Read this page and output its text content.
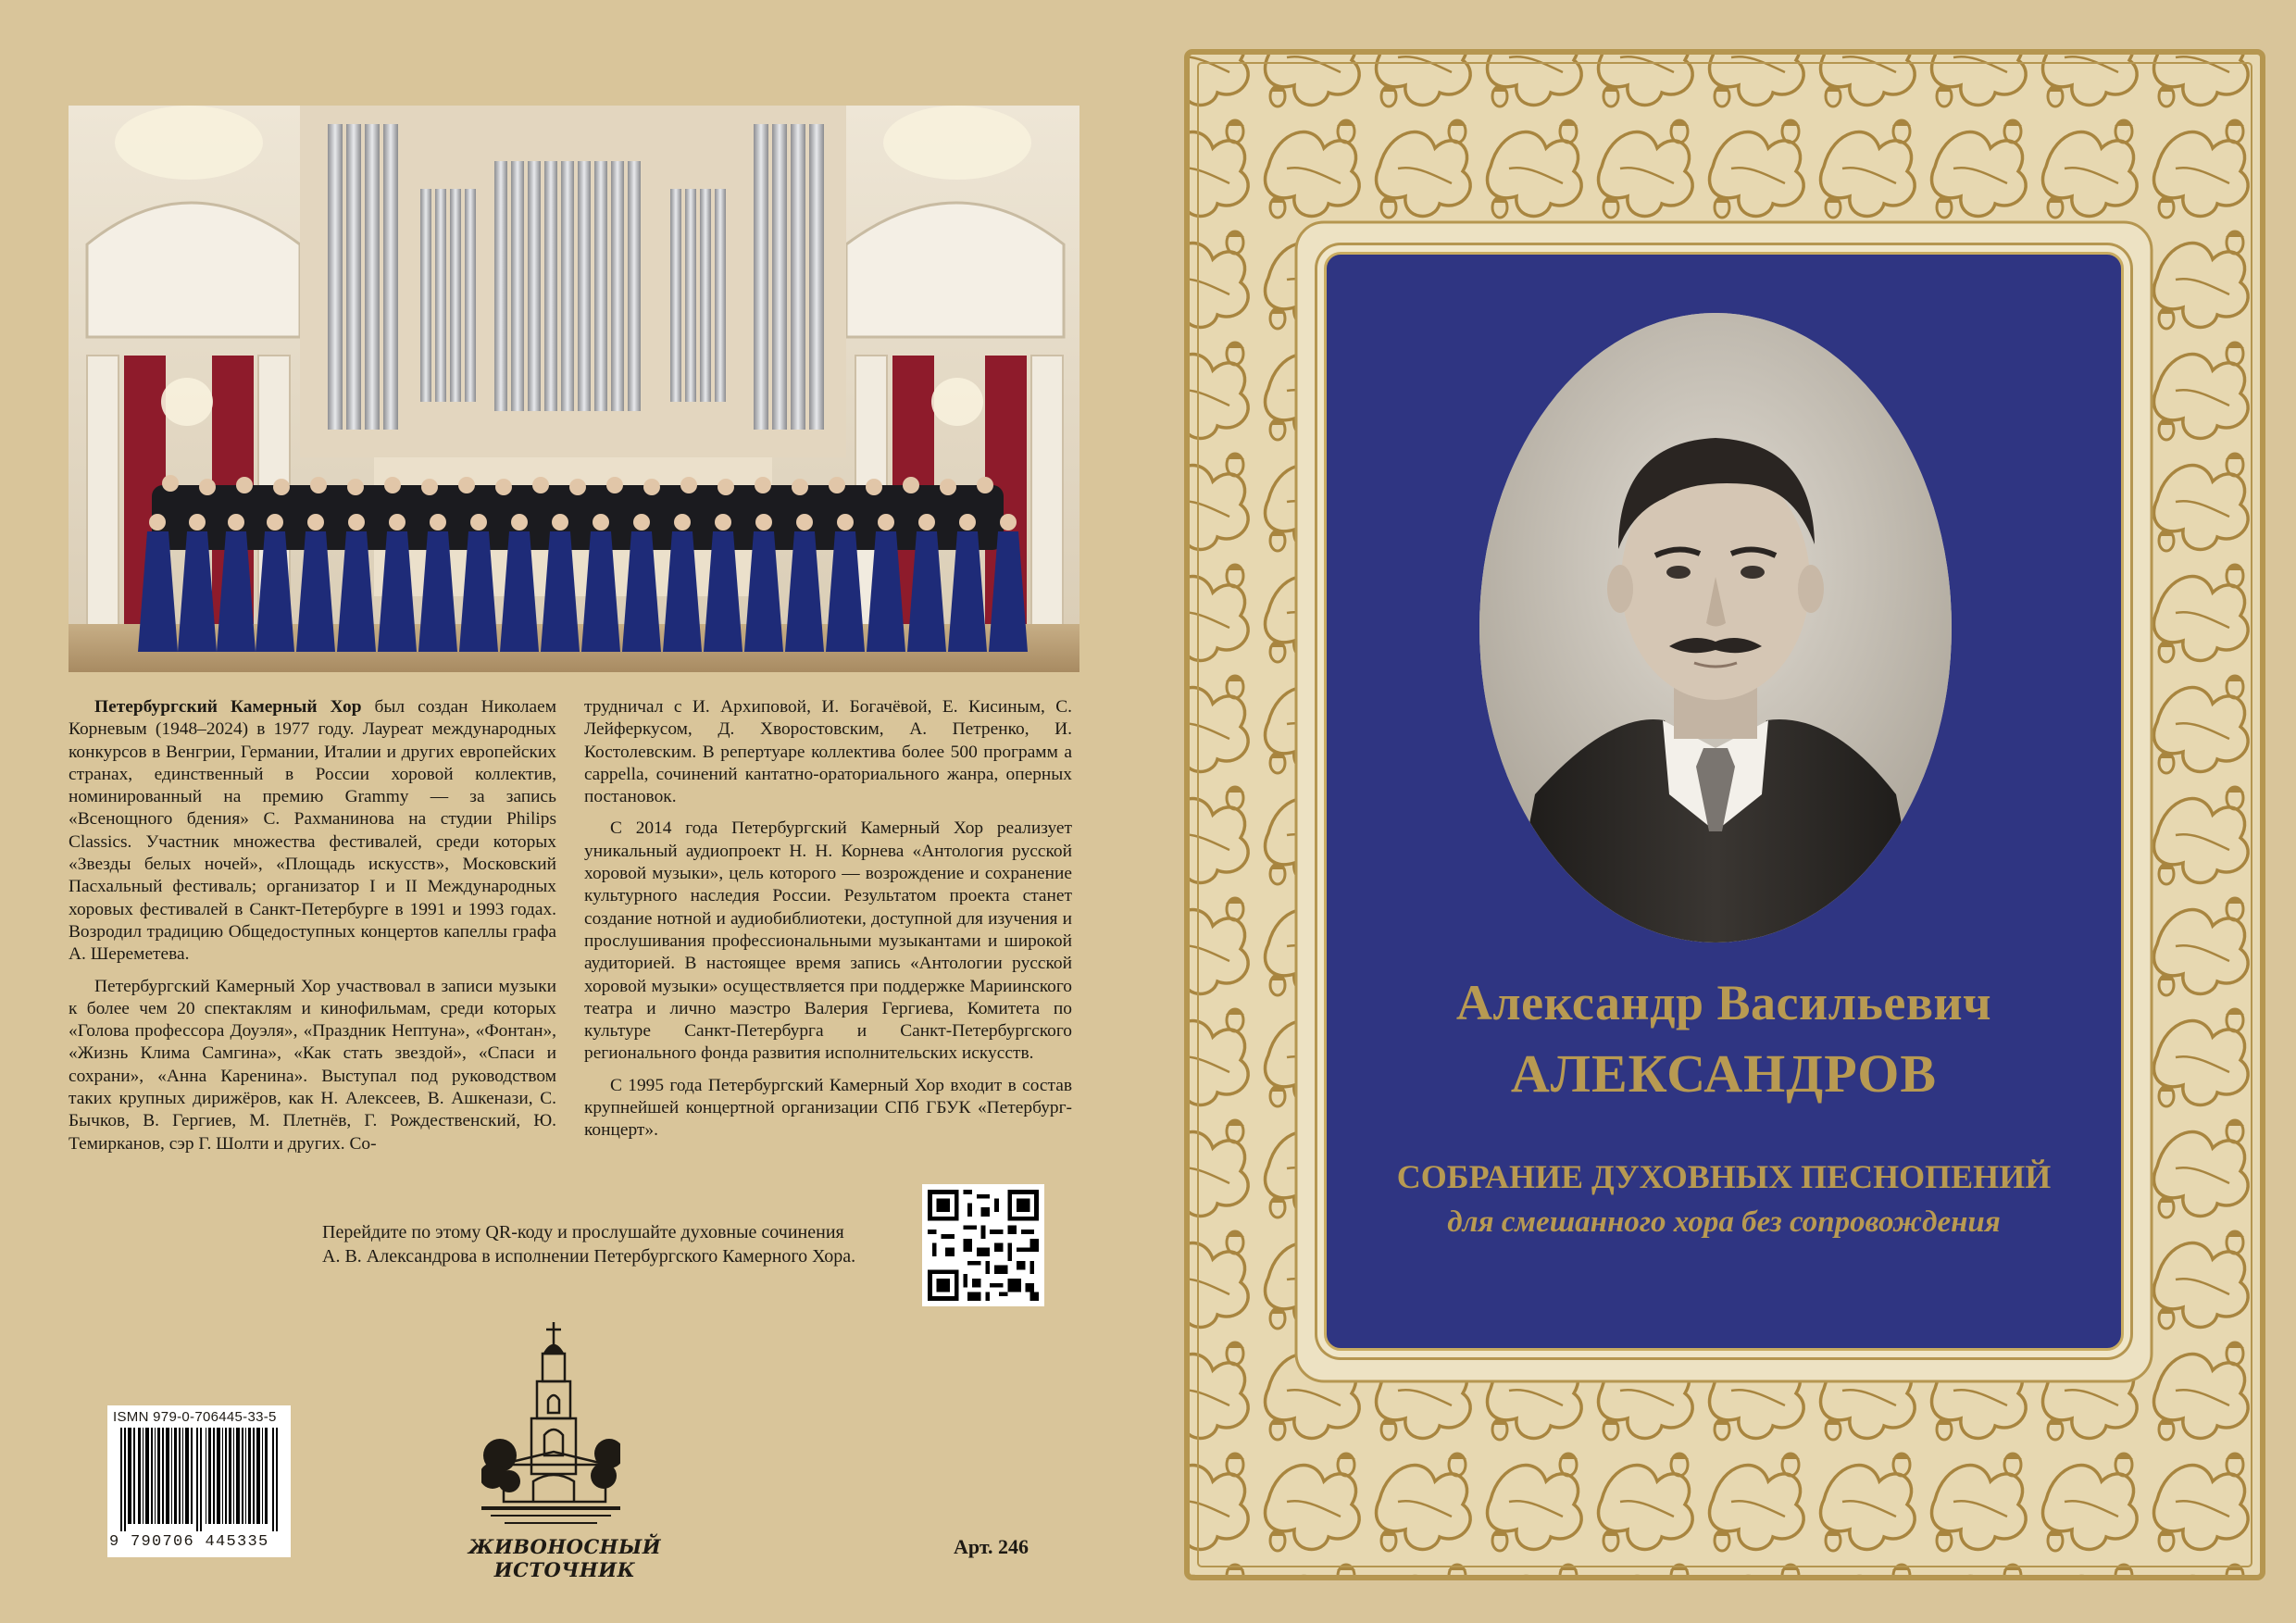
Петербургский Камерный Хор был создан Николаем Корневым (1948–2024) в 1977 году. Лауреат международных конкурсов в Венгрии, Германии, Италии и других европейских странах, единственный в России хоровой коллектив, номинированный на премию Grammy — за запись «Всенощного бдения» С. Рахманинова на студии Philips Classics. Участник множества фестивалей, среди которых «Звезды белых ночей», «Площадь искусств», Московский Пасхальный фестиваль; организатор I и II Международных хоровых фестивалей в Санкт-Петербурге в 1991 и 1993 годах. Возродил традицию Общедоступных концертов капеллы графа А. Шереметева.

Петербургский Камерный Хор участвовал в записи музыки к более чем 20 спектаклям и кинофильмам, среди которых «Голова профессора Доуэля», «Праздник Нептуна», «Фонтан», «Жизнь Клима Самгина», «Как стать звездой», «Спаси и сохрани», «Анна Каренина». Выступал под руководством таких крупных дирижёров, как Н. Алексеев, В. Ашкенази, С. Бычков, В. Гергиев, М. Плетнёв, Г. Рождественский, Ю. Темирканов, сэр Г. Шолти и других. Со-

трудничал с И. Архиповой, И. Богачёвой, Е. Кисиным, С. Лейферкусом, Д. Хворостовским, А. Петренко, И. Костолевским. В репертуаре коллектива более 500 программ a cappella, сочинений кантатно-ораториального жанра, оперных постановок.

С 2014 года Петербургский Камерный Хор реализует уникальный аудиопроект Н. Н. Корнева «Антология русской хоровой музыки», цель которого — возрождение и сохранение культурного наследия России. Результатом проекта станет создание нотной и аудиобиблиотеки, доступной для изучения и прослушивания профессиональными музыкантами и широкой аудиторией. В настоящее время запись «Антологии русской хоровой музыки» осуществляется при поддержке Мариинского театра и лично маэстро Валерия Гергиева, Комитета по культуре Санкт-Петербурга и Санкт-Петербургского регионального фонда развития исполнительских искусств.

С 1995 года Петербургский Камерный Хор входит в состав крупнейшей концертной организации СПб ГБУК «Петербург-концерт».

Перейдите по этому QR-коду и прослушайте духовные сочинения
А. В. Александрова в исполнении Петербургского Камерного Хора.
ISMN 979-0-706445-33-5
9 790706 445335	ЖИВОНОСНЫЙ ИСТОЧНИК
Арт. 246
Александр Васильевич
АЛЕКСАНДРОВ
СОБРАНИЕ ДУХОВНЫХ ПЕСНОПЕНИЙ
для смешанного хора без сопровождения
